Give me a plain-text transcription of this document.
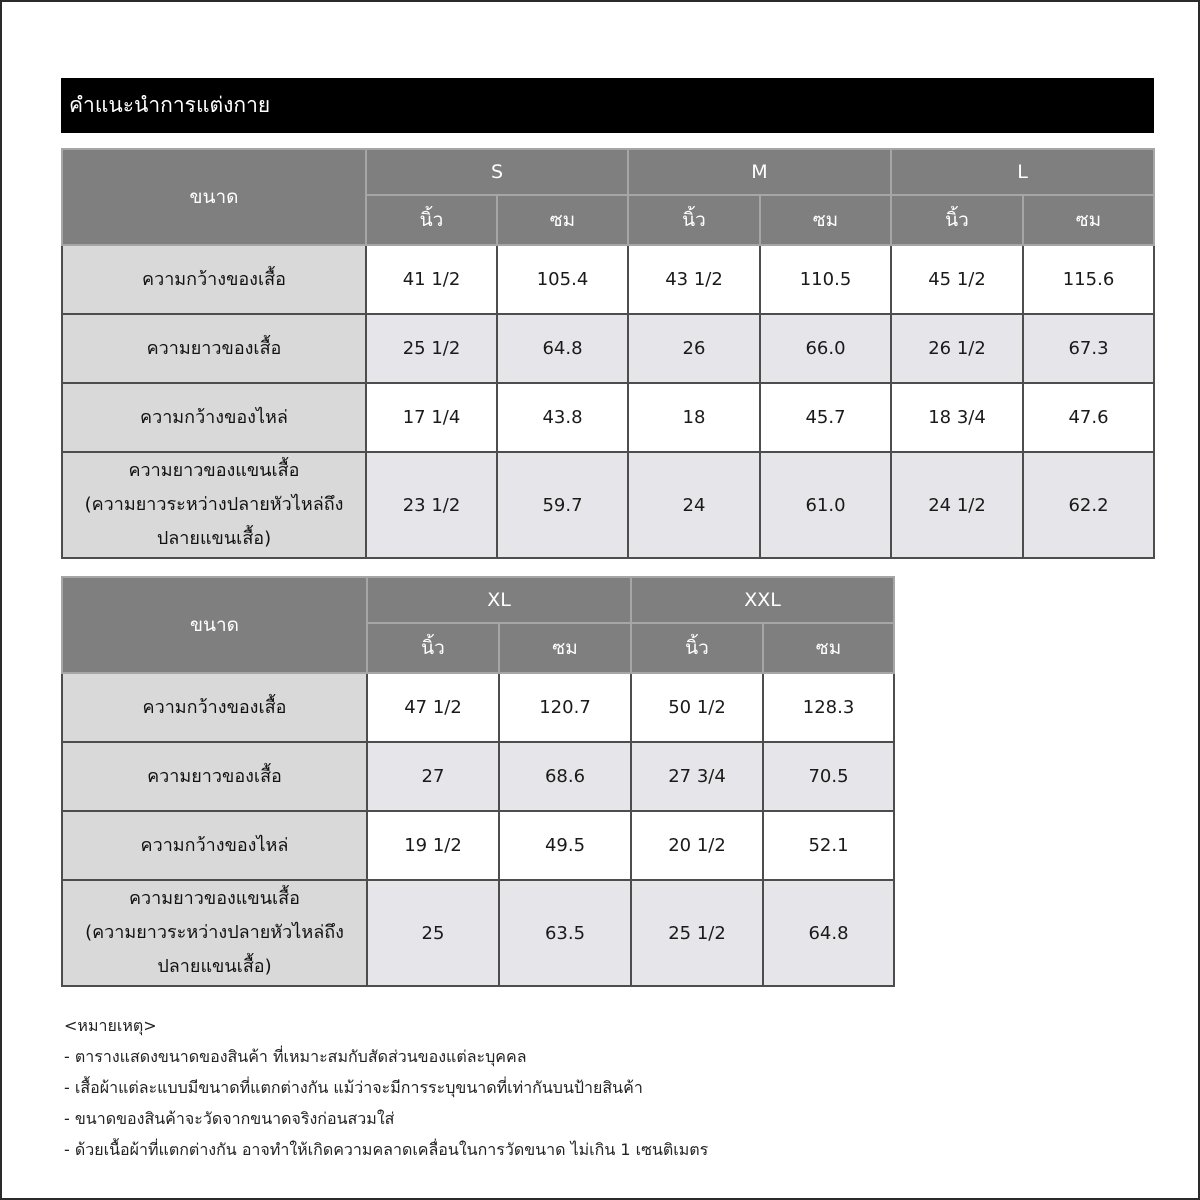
คำแนะนำการแต่งกาย
ขนาด	S		M		L	
	นิ้ว	ซม	นิ้ว	ซม	นิ้ว	ซม

ความกว้างของเสื้อ	41 1/2	105.4	43 1/2	110.5	45 1/2	115.6

ความยาวของเสื้อ	25 1/2	64.8	26	66.0	26 1/2	67.3

ความกว้างของไหล่	17 1/4	43.8	18	45.7	18 3/4	47.6

ความยาวของแขนเสื้อ
(ความยาวระหว่างปลายหัวไหล่ถึง
ปลายแขนเสื้อ)	23 1/2	59.7	24	61.0	24 1/2	62.2
ขนาด	XL		XXL	
	นิ้ว	ซม	นิ้ว	ซม

ความกว้างของเสื้อ	47 1/2	120.7	50 1/2	128.3

ความยาวของเสื้อ	27	68.6	27 3/4	70.5

ความกว้างของไหล่	19 1/2	49.5	20 1/2	52.1

ความยาวของแขนเสื้อ
(ความยาวระหว่างปลายหัวไหล่ถึง
ปลายแขนเสื้อ)	25	63.5	25 1/2	64.8
<หมายเหตุ>
- ตารางแสดงขนาดของสินค้า ที่เหมาะสมกับสัดส่วนของแต่ละบุคคล
- เสื้อผ้าแต่ละแบบมีขนาดที่แตกต่างกัน แม้ว่าจะมีการระบุขนาดที่เท่ากันบนป้ายสินค้า
- ขนาดของสินค้าจะวัดจากขนาดจริงก่อนสวมใส่
- ด้วยเนื้อผ้าที่แตกต่างกัน อาจทำให้เกิดความคลาดเคลื่อนในการวัดขนาด ไม่เกิน 1 เซนติเมตร
